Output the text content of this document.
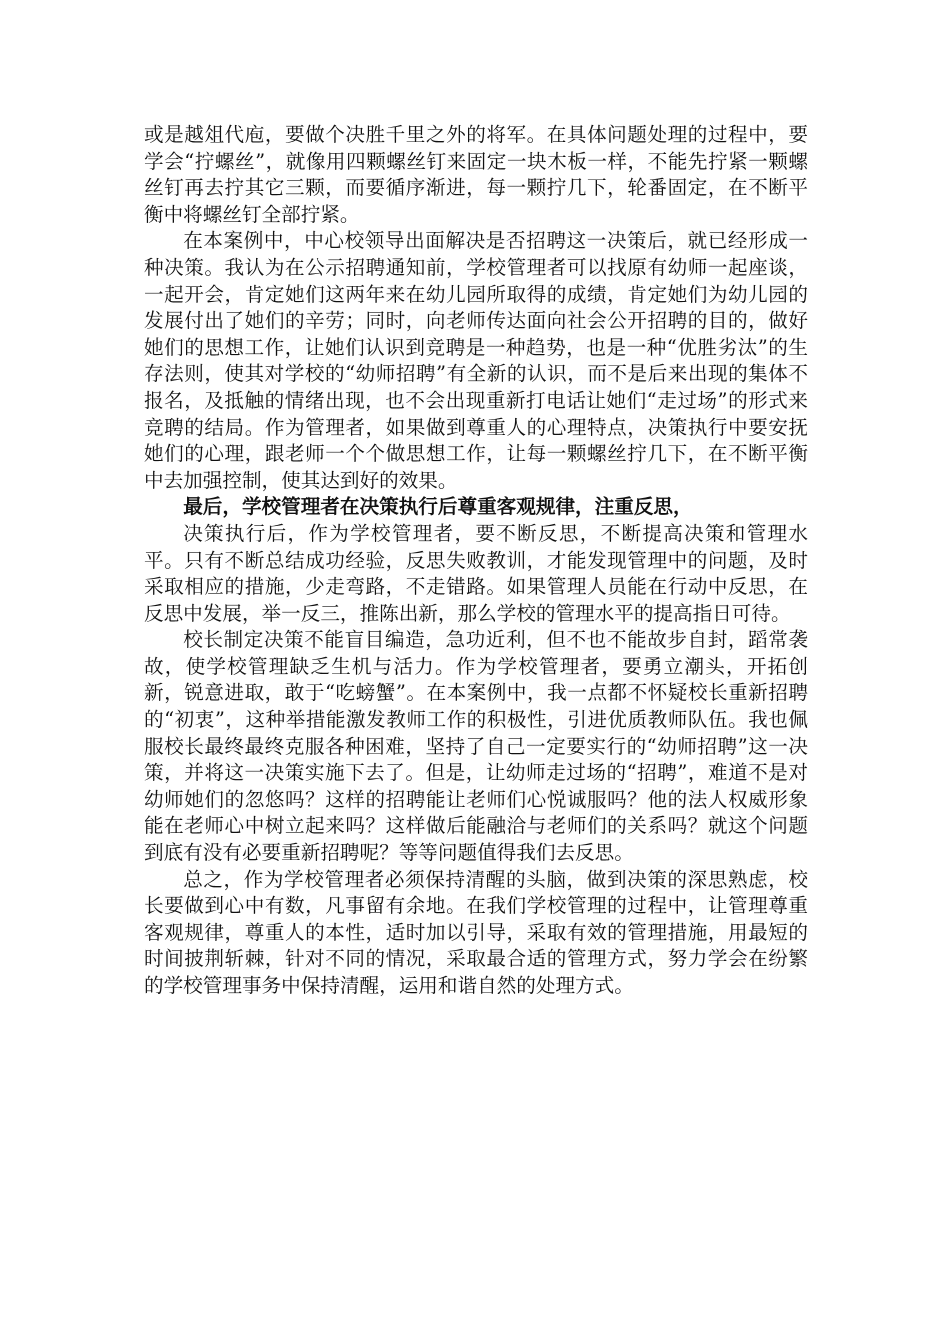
或是越俎代庖，要做个决胜千里之外的将军。在具体问题处理的过程中，要学会“拧螺丝”，就像用四颗螺丝钉来固定一块木板一样，不能先拧紧一颗螺丝钉再去拧其它三颗，而要循序渐进，每一颗拧几下，轮番固定，在不断平衡中将螺丝钉全部拧紧。

在本案例中，中心校领导出面解决是否招聘这一决策后，就已经形成一种决策。我认为在公示招聘通知前，学校管理者可以找原有幼师一起座谈，一起开会，肯定她们这两年来在幼儿园所取得的成绩，肯定她们为幼儿园的发展付出了她们的辛劳；同时，向老师传达面向社会公开招聘的目的，做好她们的思想工作，让她们认识到竞聘是一种趋势，也是一种“优胜劣汰”的生存法则，使其对学校的“幼师招聘”有全新的认识，而不是后来出现的集体不报名，及抵触的情绪出现，也不会出现重新打电话让她们“走过场”的形式来竞聘的结局。作为管理者，如果做到尊重人的心理特点，决策执行中要安抚她们的心理，跟老师一个个做思想工作，让每一颗螺丝拧几下，在不断平衡中去加强控制，使其达到好的效果。

最后，学校管理者在决策执行后尊重客观规律，注重反思，

决策执行后，作为学校管理者，要不断反思，不断提高决策和管理水平。只有不断总结成功经验，反思失败教训，才能发现管理中的问题，及时采取相应的措施，少走弯路，不走错路。如果管理人员能在行动中反思，在反思中发展，举一反三，推陈出新，那么学校的管理水平的提高指日可待。

校长制定决策不能盲目编造，急功近利，但不也不能故步自封，蹈常袭故，使学校管理缺乏生机与活力。作为学校管理者，要勇立潮头，开拓创新，锐意进取，敢于“吃螃蟹”。在本案例中，我一点都不怀疑校长重新招聘的“初衷”，这种举措能激发教师工作的积极性，引进优质教师队伍。我也佩服校长最终最终克服各种困难，坚持了自己一定要实行的“幼师招聘”这一决策，并将这一决策实施下去了。但是，让幼师走过场的“招聘”，难道不是对幼师她们的忽悠吗？这样的招聘能让老师们心悦诚服吗？他的法人权威形象能在老师心中树立起来吗？这样做后能融洽与老师们的关系吗？就这个问题到底有没有必要重新招聘呢？等等问题值得我们去反思。

总之，作为学校管理者必须保持清醒的头脑，做到决策的深思熟虑，校长要做到心中有数，凡事留有余地。在我们学校管理的过程中，让管理尊重客观规律，尊重人的本性，适时加以引导，采取有效的管理措施，用最短的时间披荆斩棘，针对不同的情况，采取最合适的管理方式，努力学会在纷繁的学校管理事务中保持清醒，运用和谐自然的处理方式。
